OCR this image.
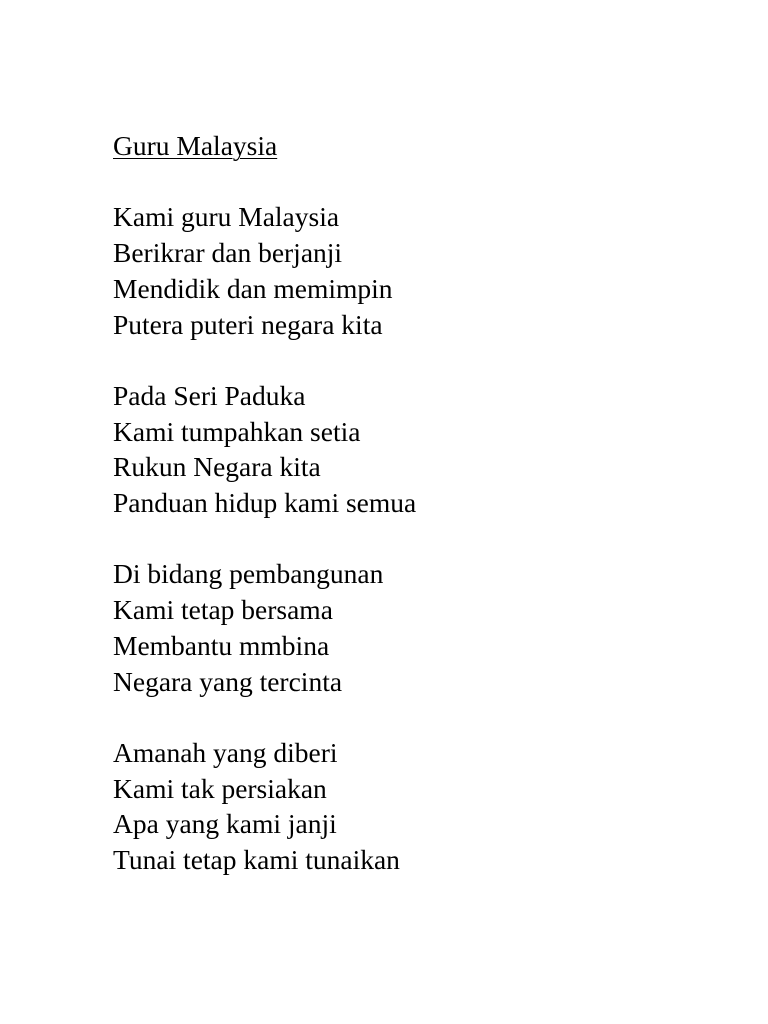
Guru Malaysia
Kami guru Malaysia
Berikrar dan berjanji
Mendidik dan memimpin
Putera puteri negara kita
Pada Seri Paduka
Kami tumpahkan setia
Rukun Negara kita
Panduan hidup kami semua
Di bidang pembangunan
Kami tetap bersama
Membantu mmbina
Negara yang tercinta
Amanah yang diberi
Kami tak persiakan
Apa yang kami janji
Tunai tetap kami tunaikan
